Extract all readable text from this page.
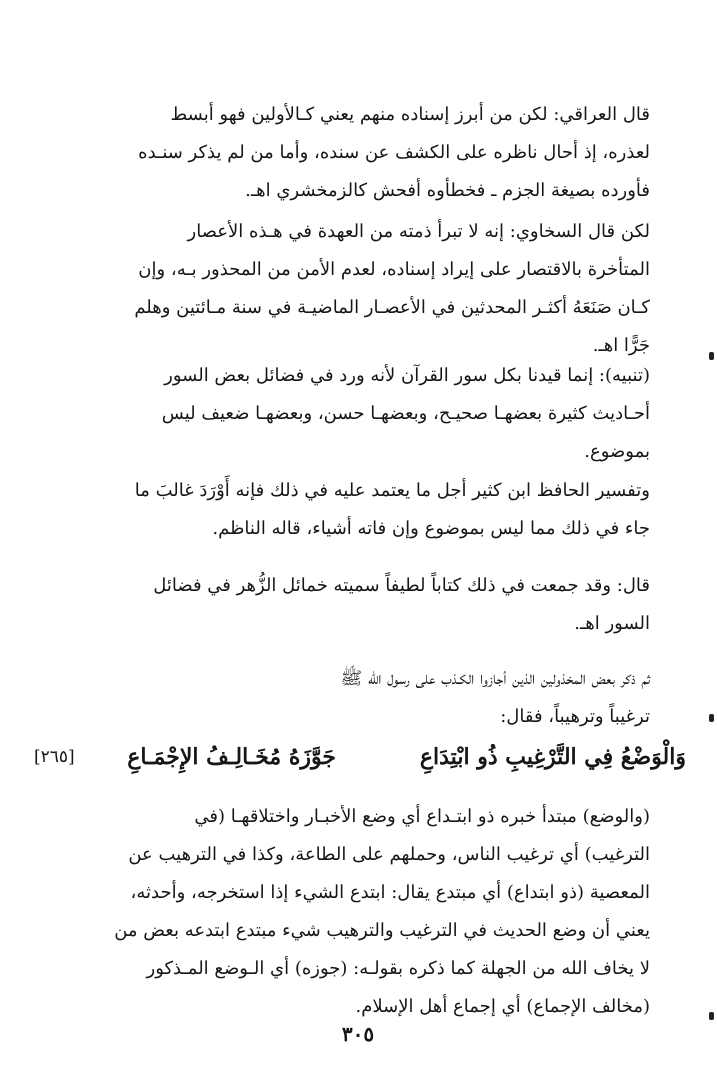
قال العراقي: لكن من أبرز إسناده منهم يعني كـالأولين فهو أبسط
لعذره، إذ أحال ناظره على الكشف عن سنده، وأما من لم يذكر سنـده
فأورده بصيغة الجزم ـ فخطأوه أفحش كالزمخشري اهـ.
لكن قال السخاوي: إنه لا تبرأ ذمته من العهدة في هـذه الأعصار
المتأخرة بالاقتصار على إيراد إسناده، لعدم الأمن من المحذور بـه، وإن
كـان صَنَعَهُ أكثـر المحدثين في الأعصـار الماضيـة في سنة مـائتين وهلم
جَرًّا اهـ.
(تنبيه): إنما قيدنا بكل سور القرآن لأنه ورد في فضائل بعض السور
أحـاديث كثيرة بعضهـا صحيـح، وبعضهـا حسن، وبعضهـا ضعيف ليس
بموضوع.
وتفسير الحافظ ابن كثير أجل ما يعتمد عليه في ذلك فإنه أَوْرَدَ غالبَ ما
جاء في ذلك مما ليس بموضوع وإن فاته أشياء، قاله الناظم.
قال: وقد جمعت في ذلك كتاباً لطيفاً سميته خمائل الزُّهر في فضائل
السور اهـ.
ثم ذكر بعض المخذولين الذين أجازوا الكـذب على رسول الله ﷺ
ترغيباً وترهيباً، فقال:
وَالْوَضْعُ فِي التَّرْغِيبِ ذُو ابْتِدَاعِ
جَوَّزَهُ مُخَـالِـفُ الإِجْمَـاعِ
[٢٦٥]
(والوضع) مبتدأ خبره ذو ابتـداع أي وضع الأخبـار واختلاقهـا (في
الترغيب) أي ترغيب الناس، وحملهم على الطاعة، وكذا في الترهيب عن
المعصية (ذو ابتداع) أي مبتدع يقال: ابتدع الشيء إذا استخرجه، وأحدثه،
يعني أن وضع الحديث في الترغيب والترهيب شيء مبتدع ابتدعه بعض من
لا يخاف الله من الجهلة كما ذكره بقولـه: (جوزه) أي الـوضع المـذكور
(مخالف الإجماع) أي إجماع أهل الإسلام.
٣٠٥
